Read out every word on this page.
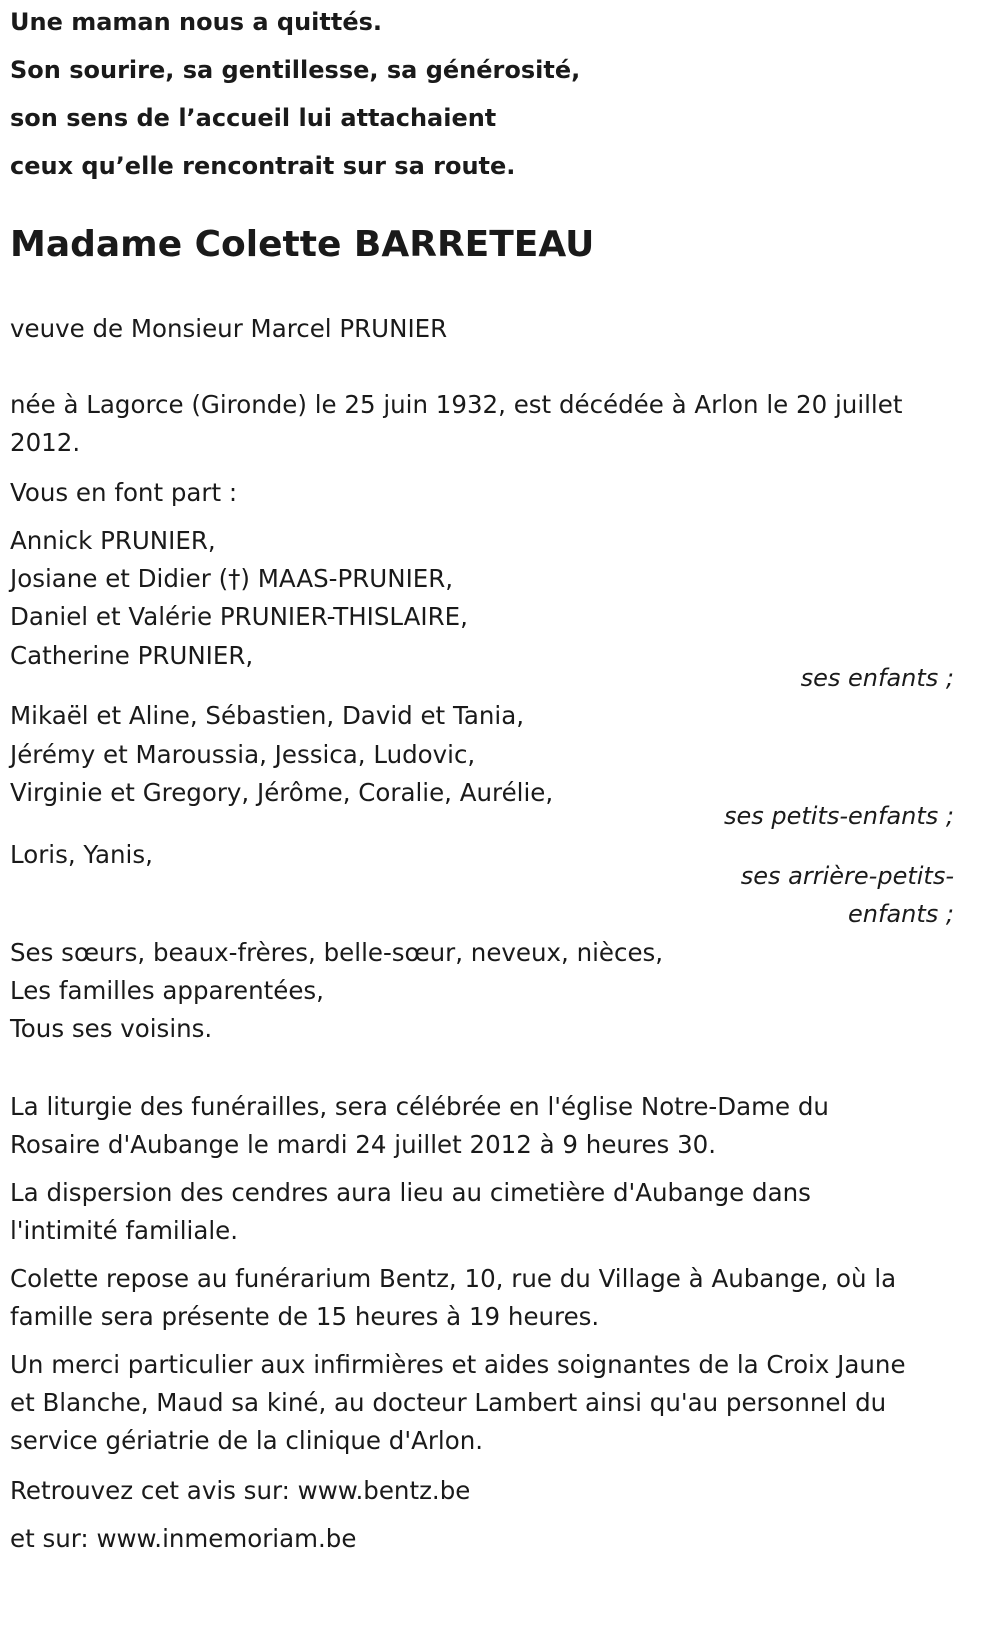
Une maman nous a quittés.
Son sourire, sa gentillesse, sa générosité,
son sens de l’accueil lui attachaient
ceux qu’elle rencontrait sur sa route.
Madame Colette BARRETEAU
veuve de Monsieur Marcel PRUNIER
née à Lagorce (Gironde) le 25 juin 1932, est décédée à Arlon le 20 juillet
2012.
Vous en font part :
Annick PRUNIER,
Josiane et Didier (†) MAAS-PRUNIER,
Daniel et Valérie PRUNIER-THISLAIRE,
Catherine PRUNIER,
ses enfants ;
Mikaël et Aline, Sébastien, David et Tania,
Jérémy et Maroussia, Jessica, Ludovic,
Virginie et Gregory, Jérôme, Coralie, Aurélie,
ses petits-enfants ;
Loris, Yanis,
ses arrière-petits-
enfants ;
Ses sœurs, beaux-frères, belle-sœur, neveux, nièces,
Les familles apparentées,
Tous ses voisins.
La liturgie des funérailles, sera célébrée en l'église Notre-Dame du
Rosaire d'Aubange le mardi 24 juillet 2012 à 9 heures 30.
La dispersion des cendres aura lieu au cimetière d'Aubange dans
l'intimité familiale.
Colette repose au funérarium Bentz, 10, rue du Village à Aubange, où la
famille sera présente de 15 heures à 19 heures.
Un merci particulier aux infirmières et aides soignantes de la Croix Jaune
et Blanche, Maud sa kiné, au docteur Lambert ainsi qu'au personnel du
service gériatrie de la clinique d'Arlon.
Retrouvez cet avis sur: www.bentz.be
et sur: www.inmemoriam.be
